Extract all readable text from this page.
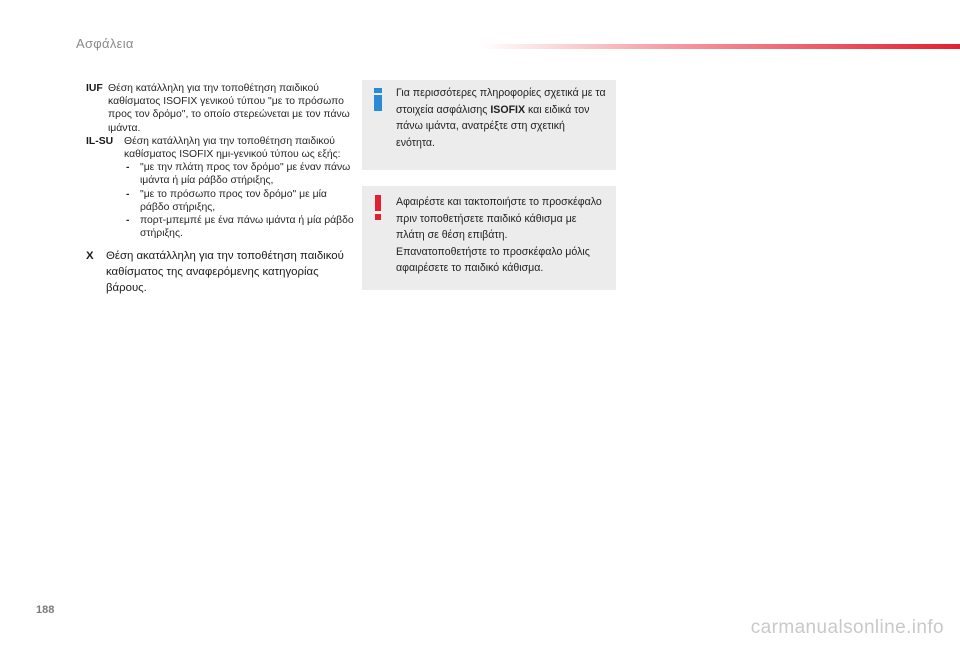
Ασφάλεια
IUF Θέση κατάλληλη για την τοποθέτηση παιδικού καθίσματος ISOFIX γενικού τύπου "με το πρόσωπο προς τον δρόμο", το οποίο στερεώνεται με τον πάνω ιμάντα.
IL-SU	Θέση κατάλληλη για την τοποθέτηση παιδικού καθίσματος ISOFIX ημι-γενικού τύπου ως εξής:
- "με την πλάτη προς τον δρόμο" με έναν πάνω ιμάντα ή μία ράβδο στήριξης,
- "με το πρόσωπο προς τον δρόμο" με μία ράβδο στήριξης,
- πορτ-μπεμπέ με ένα πάνω ιμάντα ή μία ράβδο στήριξης.
X	Θέση ακατάλληλη για την τοποθέτηση παιδικού καθίσματος της αναφερόμενης κατηγορίας βάρους.
Για περισσότερες πληροφορίες σχετικά με τα στοιχεία ασφάλισης ISOFIX και ειδικά τον πάνω ιμάντα, ανατρέξτε στη σχετική ενότητα.
Αφαιρέστε και τακτοποιήστε το προσκέφαλο πριν τοποθετήσετε παιδικό κάθισμα με πλάτη σε θέση επιβάτη.
Επανατοποθετήστε το προσκέφαλο μόλις αφαιρέσετε το παιδικό κάθισμα.
188
carmanualsonline.info
